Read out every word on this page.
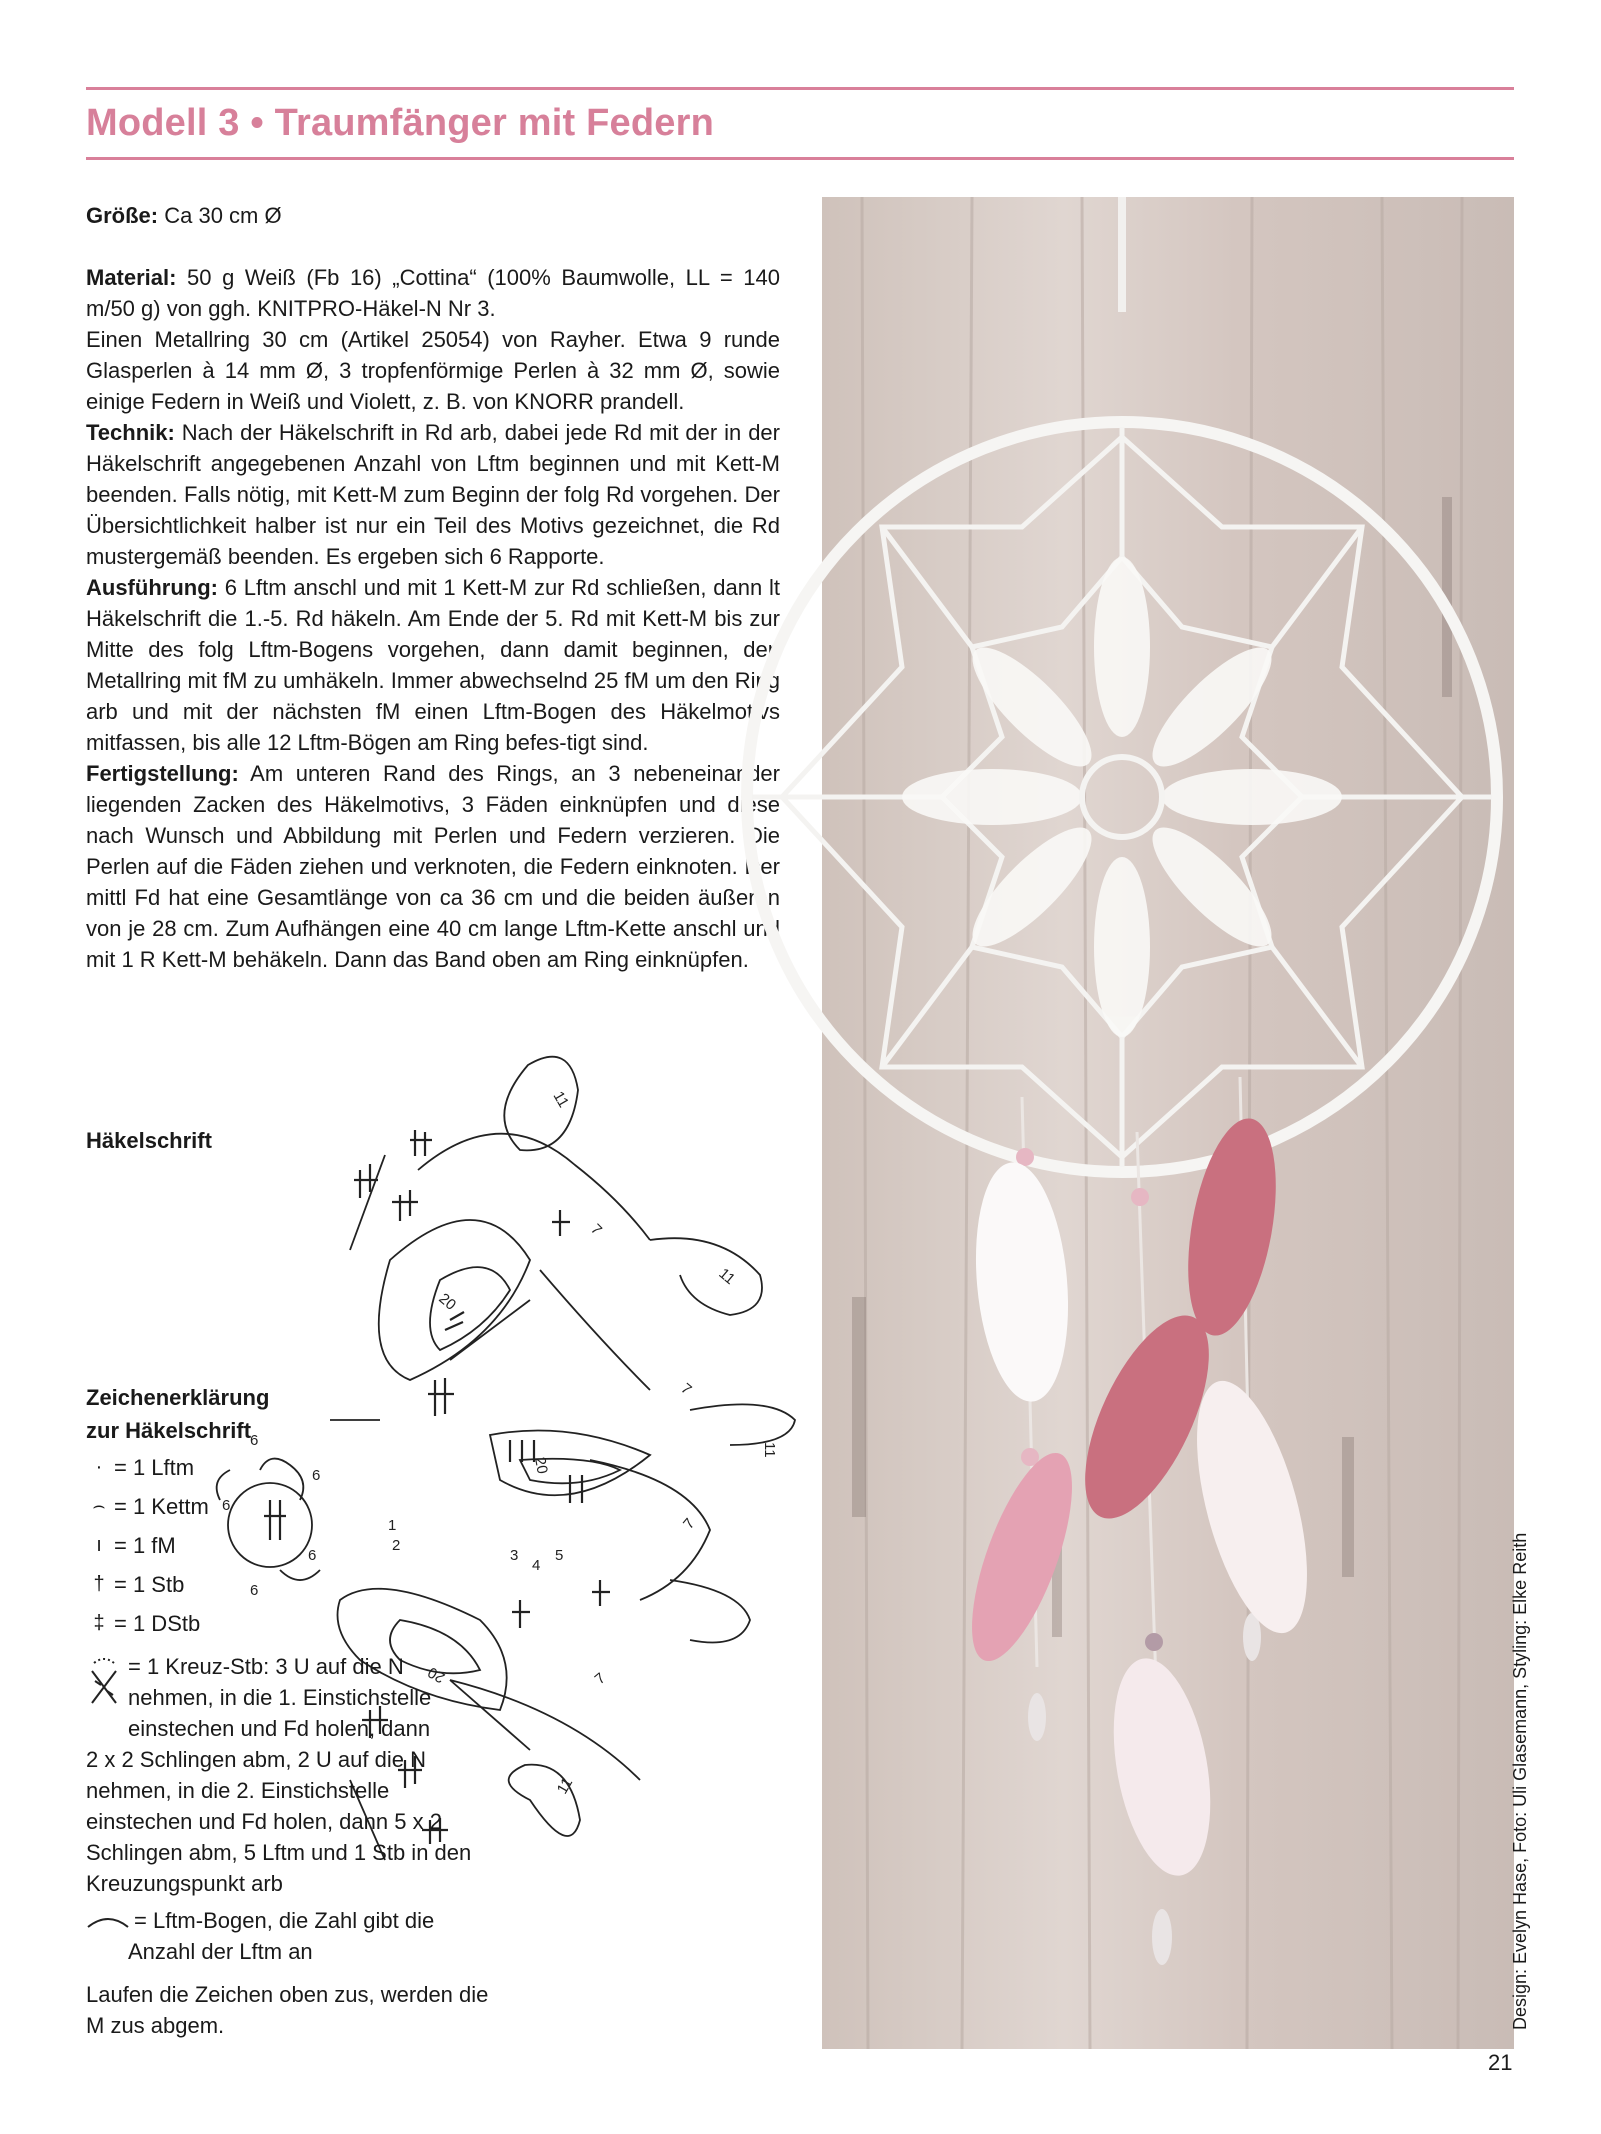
Modell 3 • Traumfänger mit Federn

Größe: Ca 30 cm Ø

Material: 50 g Weiß (Fb 16) „Cottina“ (100% Baumwolle, LL = 140 m/50 g) von ggh. KNITPRO-Häkel-N Nr 3.

Einen Metallring 30 cm (Artikel 25054) von Rayher. Etwa 9 runde Glasperlen à 14 mm Ø, 3 tropfenförmige Perlen à 32 mm Ø, sowie einige Federn in Weiß und Violett, z. B. von KNORR prandell.

Technik: Nach der Häkelschrift in Rd arb, dabei jede Rd mit der in der Häkelschrift angegebenen Anzahl von Lftm beginnen und mit Kett-M beenden. Falls nötig, mit Kett-M zum Beginn der folg Rd vorgehen. Der Übersichtlichkeit halber ist nur ein Teil des Motivs gezeichnet, die Rd mustergemäß beenden. Es ergeben sich 6 Rapporte.

Ausführung: 6 Lftm anschl und mit 1 Kett-M zur Rd schließen, dann lt Häkelschrift die 1.-5. Rd häkeln. Am Ende der 5. Rd mit Kett-M bis zur Mitte des folg Lftm-Bogens vorgehen, dann damit beginnen, den Metallring mit fM zu umhäkeln. Immer abwechselnd 25 fM um den Ring arb und mit der nächsten fM einen Lftm-Bogen des Häkelmotivs mitfassen, bis alle 12 Lftm-Bögen am Ring befes-tigt sind.

Fertigstellung: Am unteren Rand des Rings, an 3 nebeneinander liegenden Zacken des Häkelmotivs, 3 Fäden einknüpfen und diese nach Wunsch und Abbildung mit Perlen und Federn verzieren. Die Perlen auf die Fäden ziehen und verknoten, die Federn einknoten. Der mittl Fd hat eine Gesamtlänge von ca 36 cm und die beiden äußeren von je 28 cm. Zum Aufhängen eine 40 cm lange Lftm-Kette anschl und mit 1 R Kett-M behäkeln. Dann das Band oben am Ring einknüpfen.

Häkelschrift
11
7
11
20
7
6
6
6
6
6
1
2
3
4
5
20
11
7
20	7
11

Zeichenerklärung

zur Häkelschrift

· = 1 Lftm
⌢ = 1 Kettm
ı = 1 fM
† = 1 Stb
‡ = 1 DStb

= 1 Kreuz-Stb: 3 U auf die N

nehmen, in die 1. Einstichstelle

einstechen und Fd holen, dann

2 x 2 Schlingen abm, 2 U auf die N nehmen, in die 2. Einstichstelle einstechen und Fd holen, dann 5 x 2 Schlingen abm, 5 Lftm und 1 Stb in den Kreuzungspunkt arb

= Lftm-Bogen, die Zahl gibt die

Anzahl der Lftm an

Laufen die Zeichen oben zus, werden die M zus abgem.	Design: Evelyn Hase, Foto: Uli Glasemann, Styling: Elke Reith
21
